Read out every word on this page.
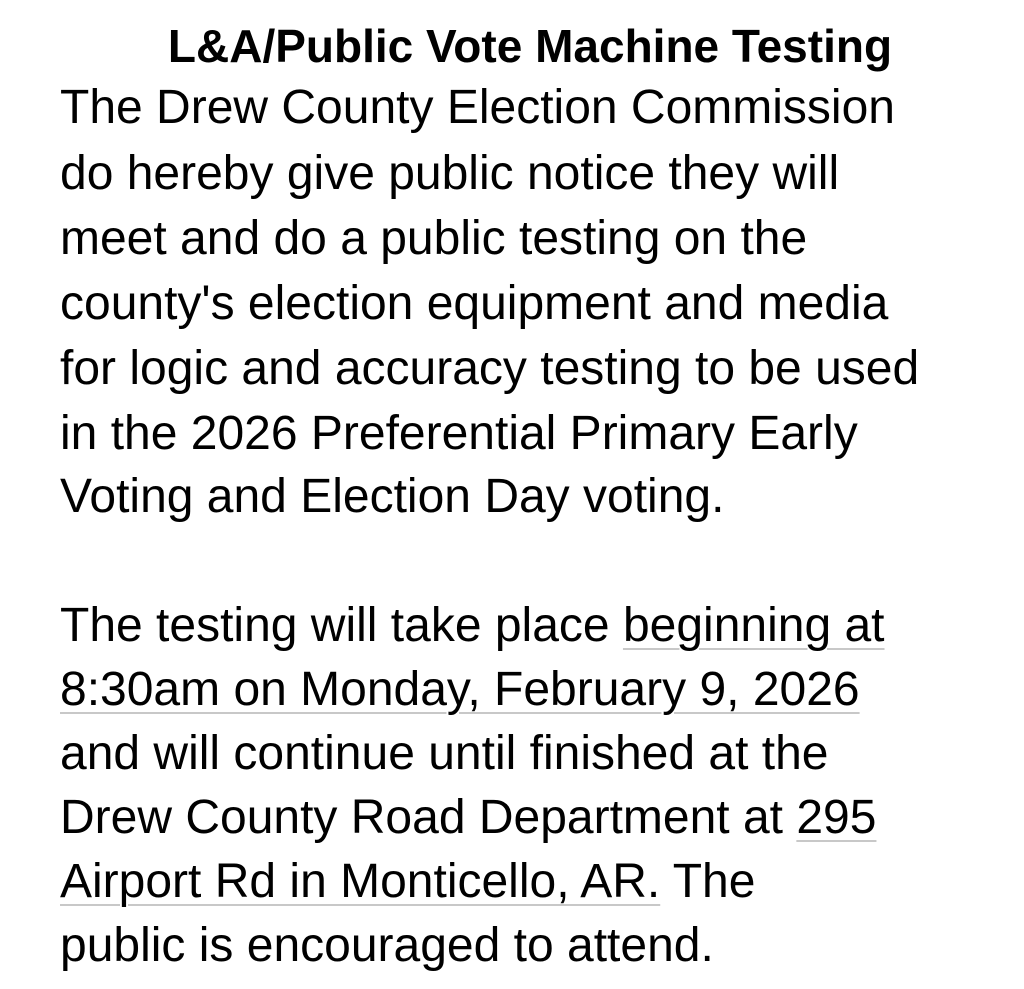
L&A/Public Vote Machine Testing

The Drew County Election Commission

do hereby give public notice they will

meet and do a public testing on the

county's election equipment and media

for logic and accuracy testing to be used

in the 2026 Preferential Primary Early

Voting and Election Day voting.

The testing will take place beginning at

8:30am on Monday, February 9, 2026

and will continue until finished at the

Drew County Road Department at 295

Airport Rd in Monticello, AR. The

public is encouraged to attend.
